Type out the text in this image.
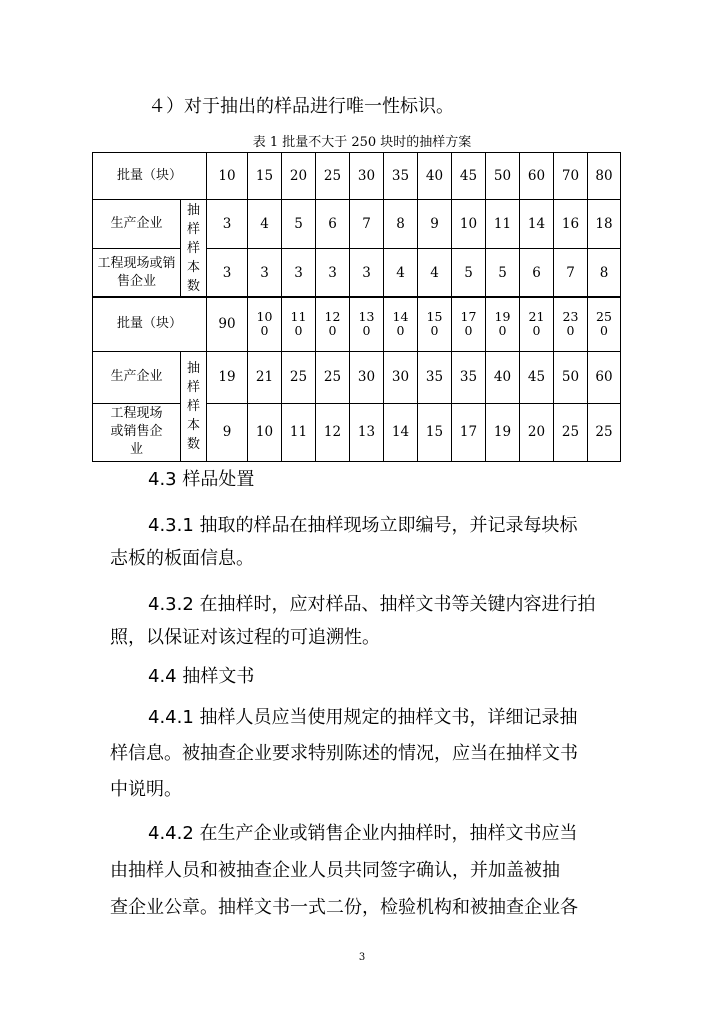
４）对于抽出的样品进行唯一性标识。
表 1 批量不大于 250 块时的抽样方案
批量（块）		10	15	20	25	30	35	40	45	50	60	70	80
生产企业	抽样样本数	3	4	5	6	7	8	9	10	11	14	16	18
工程现场或销售企业		3	3	3	3	3	4	4	5	5	6	7	8
批量（块）		90	100	110	120	130	140	150	170	190	210	230	250
生产企业	抽样样本数	19	21	25	25	30	30	35	35	40	45	50	60
工程现场或销售企业		9	10	11	12	13	14	15	17	19	20	25	25
4.3 样品处置
4.3.1 抽取的样品在抽样现场立即编号，并记录每块标
志板的板面信息。
4.3.2 在抽样时，应对样品、抽样文书等关键内容进行拍
照，以保证对该过程的可追溯性。
4.4 抽样文书
4.4.1 抽样人员应当使用规定的抽样文书，详细记录抽
样信息。被抽查企业要求特别陈述的情况，应当在抽样文书
中说明。
4.4.2 在生产企业或销售企业内抽样时，抽样文书应当
由抽样人员和被抽查企业人员共同签字确认，并加盖被抽
查企业公章。抽样文书一式二份，检验机构和被抽查企业各
3
